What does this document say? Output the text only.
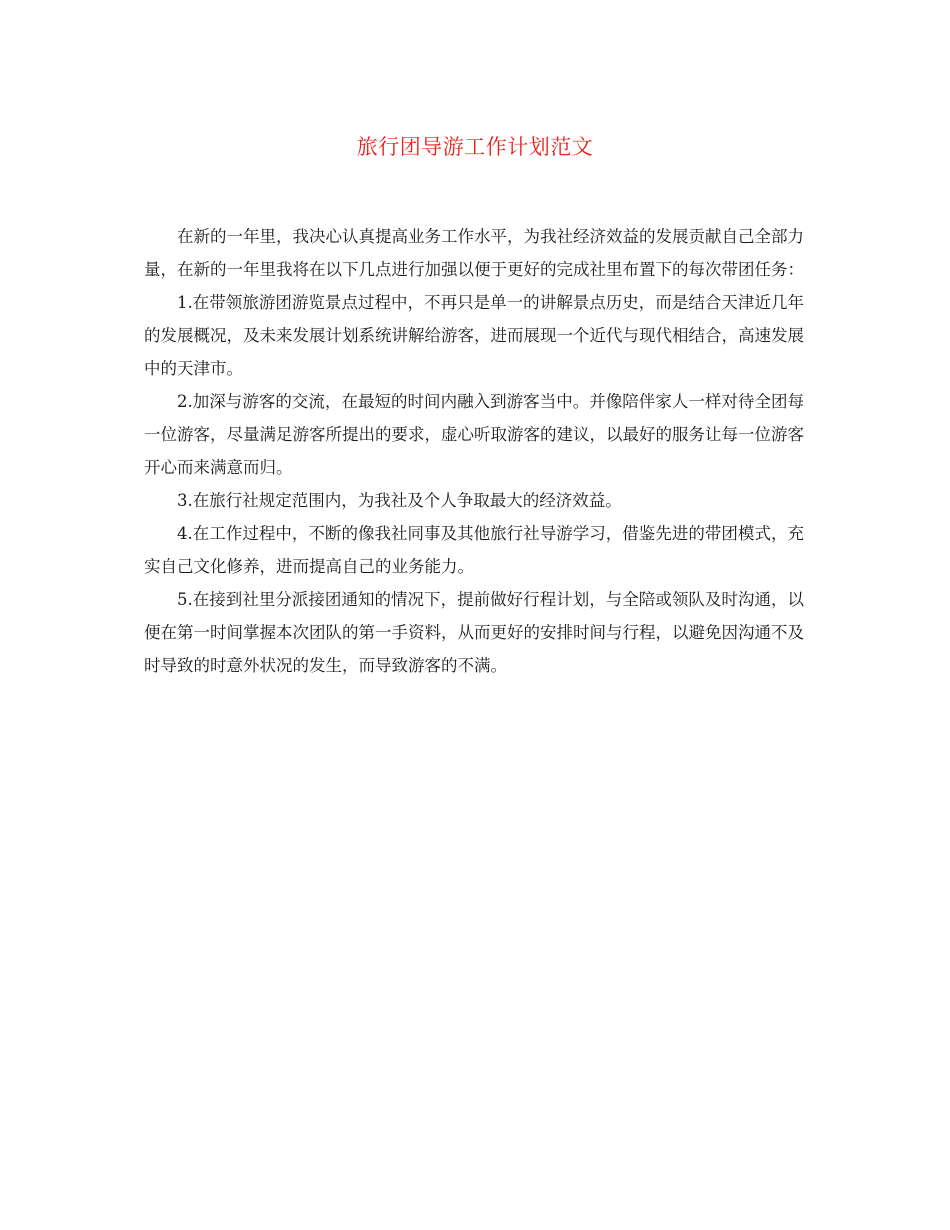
旅行团导游工作计划范文

在新的一年里，我决心认真提高业务工作水平，为我社经济效益的发展贡献自己全部力量，在新的一年里我将在以下几点进行加强以便于更好的完成社里布置下的每次带团任务：

1.在带领旅游团游览景点过程中，不再只是单一的讲解景点历史，而是结合天津近几年的发展概况，及未来发展计划系统讲解给游客，进而展现一个近代与现代相结合，高速发展中的天津市。

2.加深与游客的交流，在最短的时间内融入到游客当中。并像陪伴家人一样对待全团每一位游客，尽量满足游客所提出的要求，虚心听取游客的建议，以最好的服务让每一位游客开心而来满意而归。

3.在旅行社规定范围内，为我社及个人争取最大的经济效益。

4.在工作过程中，不断的像我社同事及其他旅行社导游学习，借鉴先进的带团模式，充实自己文化修养，进而提高自己的业务能力。

5.在接到社里分派接团通知的情况下，提前做好行程计划，与全陪或领队及时沟通，以便在第一时间掌握本次团队的第一手资料，从而更好的安排时间与行程，以避免因沟通不及时导致的时意外状况的发生，而导致游客的不满。
